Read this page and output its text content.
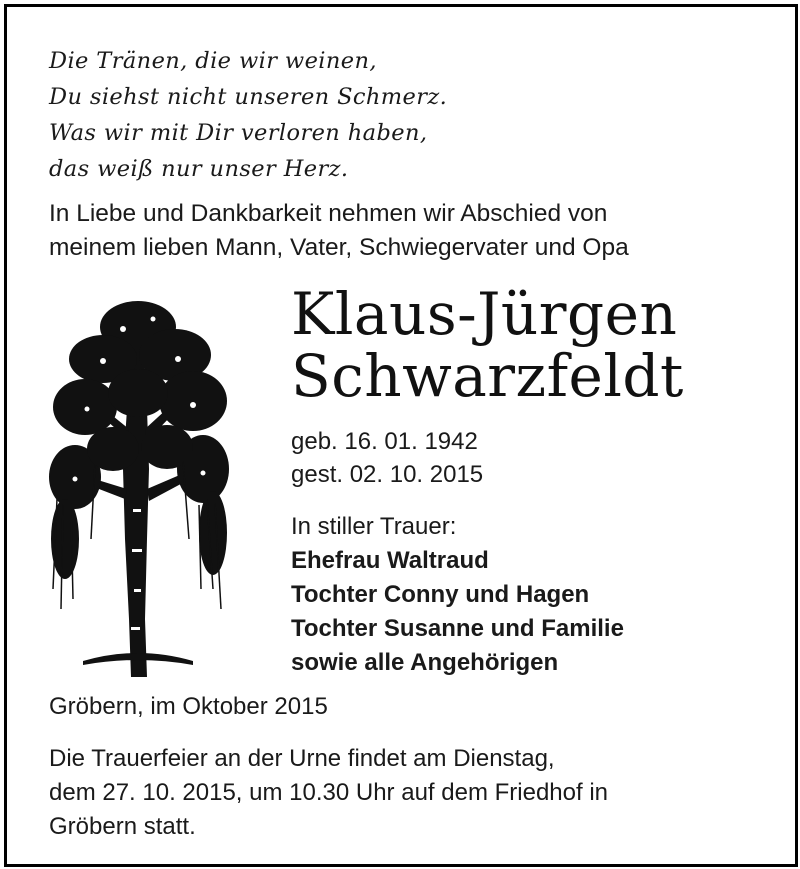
Die Tränen, die wir weinen,
Du siehst nicht unseren Schmerz.
Was wir mit Dir verloren haben,
das weiß nur unser Herz.
In Liebe und Dankbarkeit nehmen wir Abschied von
meinem lieben Mann, Vater, Schwiegervater und Opa
Klaus-Jürgen
Schwarzfeldt
geb. 16. 01. 1942
gest. 02. 10. 2015
In stiller Trauer:
Ehefrau Waltraud
Tochter Conny und Hagen
Tochter Susanne und Familie
sowie alle Angehörigen
Gröbern, im Oktober 2015
Die Trauerfeier an der Urne findet am Dienstag,
dem 27. 10. 2015, um 10.30 Uhr auf dem Friedhof in
Gröbern statt.
